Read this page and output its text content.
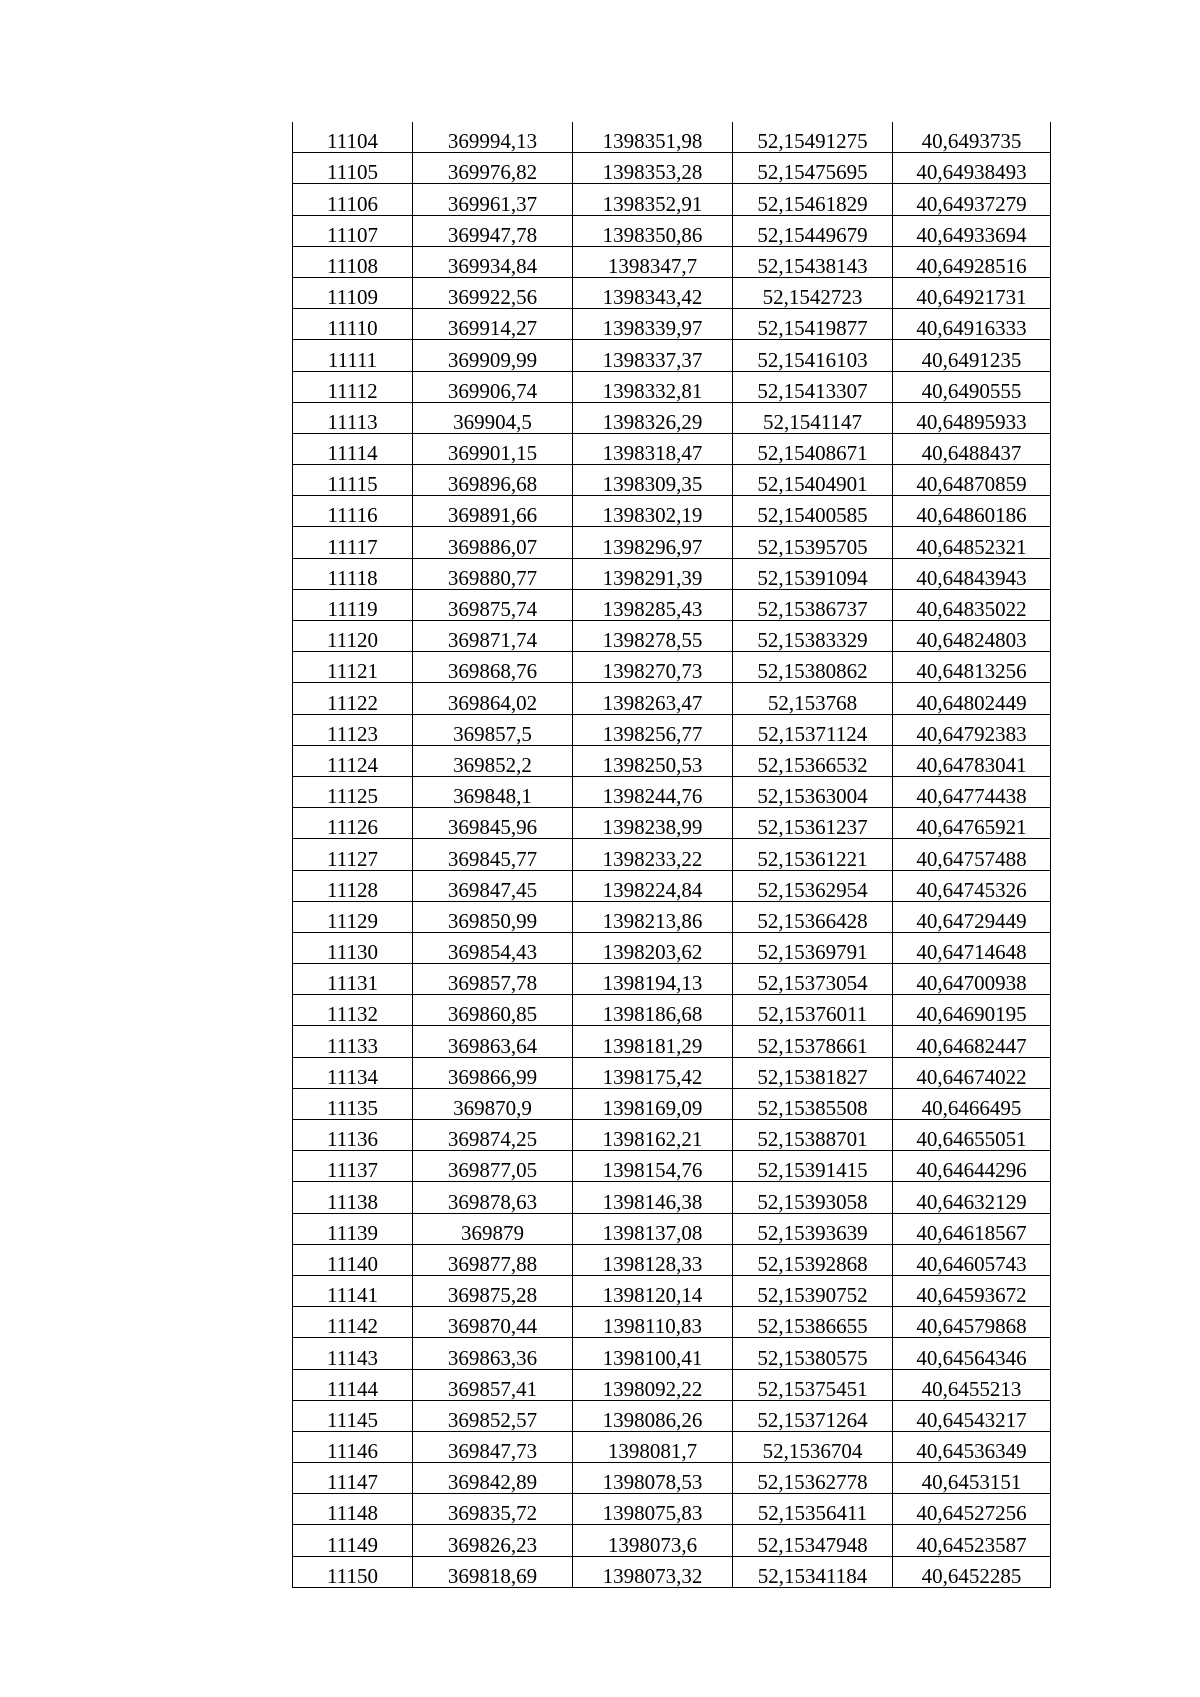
11104	369994,13	1398351,98	52,15491275	40,6493735
11105	369976,82	1398353,28	52,15475695	40,64938493
11106	369961,37	1398352,91	52,15461829	40,64937279
11107	369947,78	1398350,86	52,15449679	40,64933694
11108	369934,84	1398347,7	52,15438143	40,64928516
11109	369922,56	1398343,42	52,1542723	40,64921731
11110	369914,27	1398339,97	52,15419877	40,64916333
11111	369909,99	1398337,37	52,15416103	40,6491235
11112	369906,74	1398332,81	52,15413307	40,6490555
11113	369904,5	1398326,29	52,1541147	40,64895933
11114	369901,15	1398318,47	52,15408671	40,6488437
11115	369896,68	1398309,35	52,15404901	40,64870859
11116	369891,66	1398302,19	52,15400585	40,64860186
11117	369886,07	1398296,97	52,15395705	40,64852321
11118	369880,77	1398291,39	52,15391094	40,64843943
11119	369875,74	1398285,43	52,15386737	40,64835022
11120	369871,74	1398278,55	52,15383329	40,64824803
11121	369868,76	1398270,73	52,15380862	40,64813256
11122	369864,02	1398263,47	52,153768	40,64802449
11123	369857,5	1398256,77	52,15371124	40,64792383
11124	369852,2	1398250,53	52,15366532	40,64783041
11125	369848,1	1398244,76	52,15363004	40,64774438
11126	369845,96	1398238,99	52,15361237	40,64765921
11127	369845,77	1398233,22	52,15361221	40,64757488
11128	369847,45	1398224,84	52,15362954	40,64745326
11129	369850,99	1398213,86	52,15366428	40,64729449
11130	369854,43	1398203,62	52,15369791	40,64714648
11131	369857,78	1398194,13	52,15373054	40,64700938
11132	369860,85	1398186,68	52,15376011	40,64690195
11133	369863,64	1398181,29	52,15378661	40,64682447
11134	369866,99	1398175,42	52,15381827	40,64674022
11135	369870,9	1398169,09	52,15385508	40,6466495
11136	369874,25	1398162,21	52,15388701	40,64655051
11137	369877,05	1398154,76	52,15391415	40,64644296
11138	369878,63	1398146,38	52,15393058	40,64632129
11139	369879	1398137,08	52,15393639	40,64618567
11140	369877,88	1398128,33	52,15392868	40,64605743
11141	369875,28	1398120,14	52,15390752	40,64593672
11142	369870,44	1398110,83	52,15386655	40,64579868
11143	369863,36	1398100,41	52,15380575	40,64564346
11144	369857,41	1398092,22	52,15375451	40,6455213
11145	369852,57	1398086,26	52,15371264	40,64543217
11146	369847,73	1398081,7	52,1536704	40,64536349
11147	369842,89	1398078,53	52,15362778	40,6453151
11148	369835,72	1398075,83	52,15356411	40,64527256
11149	369826,23	1398073,6	52,15347948	40,64523587
11150	369818,69	1398073,32	52,15341184	40,6452285
